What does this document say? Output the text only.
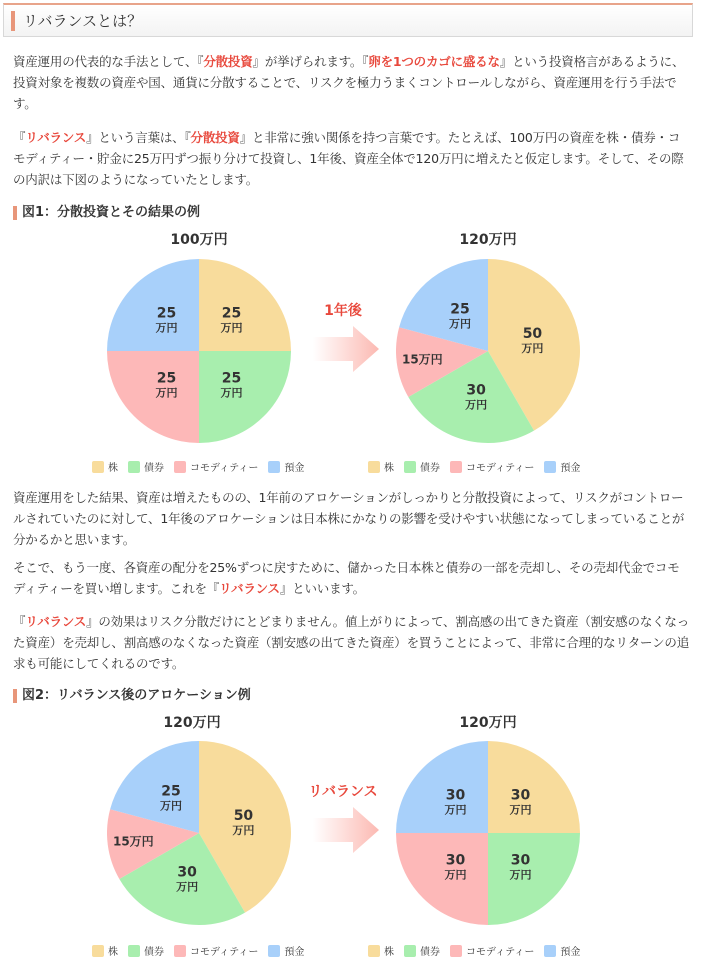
リバランスとは？

資産運用の代表的な手法として、『分散投資』が挙げられます。『卵を1つのカゴに盛るな』という投資格言があるように、投資対象を複数の資産や国、通貨に分散することで、リスクを極力うまくコントロールしながら、資産運用を行う手法です。

『リバランス』という言葉は、『分散投資』と非常に強い関係を持つ言葉です。たとえば、100万円の資産を株・債券・コモディティー・貯金に25万円ずつ振り分けて投資し、1年後、資産全体で120万円に増えたと仮定します。そして、その際の内訳は下図のようになっていたとします。

図1：分散投資とその結果の例
100万円	120万円
25
万円
25
万円
25
万円
25
万円	50
万円
30
万円
15万円
25
万円
1年後
株	債券	コモディティー	預金	株	債券	コモディティー	預金

資産運用をした結果、資産は増えたものの、1年前のアロケーションがしっかりと分散投資によって、リスクがコントロールされていたのに対して、1年後のアロケーションは日本株にかなりの影響を受けやすい状態になってしまっていることが分かるかと思います。

そこで、もう一度、各資産の配分を25%ずつに戻すために、儲かった日本株と債券の一部を売却し、その売却代金でコモディティーを買い増します。これを『リバランス』といいます。

『リバランス』の効果はリスク分散だけにとどまりません。値上がりによって、割高感の出てきた資産（割安感のなくなった資産）を売却し、割高感のなくなった資産（割安感の出てきた資産）を買うことによって、非常に合理的なリターンの追求も可能にしてくれるのです。

図2：リバランス後のアロケーション例
120万円	120万円
50
万円
30
万円
15万円
25
万円
30
万円
30
万円
30
万円
30
万円
リバランス
株	債券	コモディティー	預金	株	債券	コモディティー	預金
